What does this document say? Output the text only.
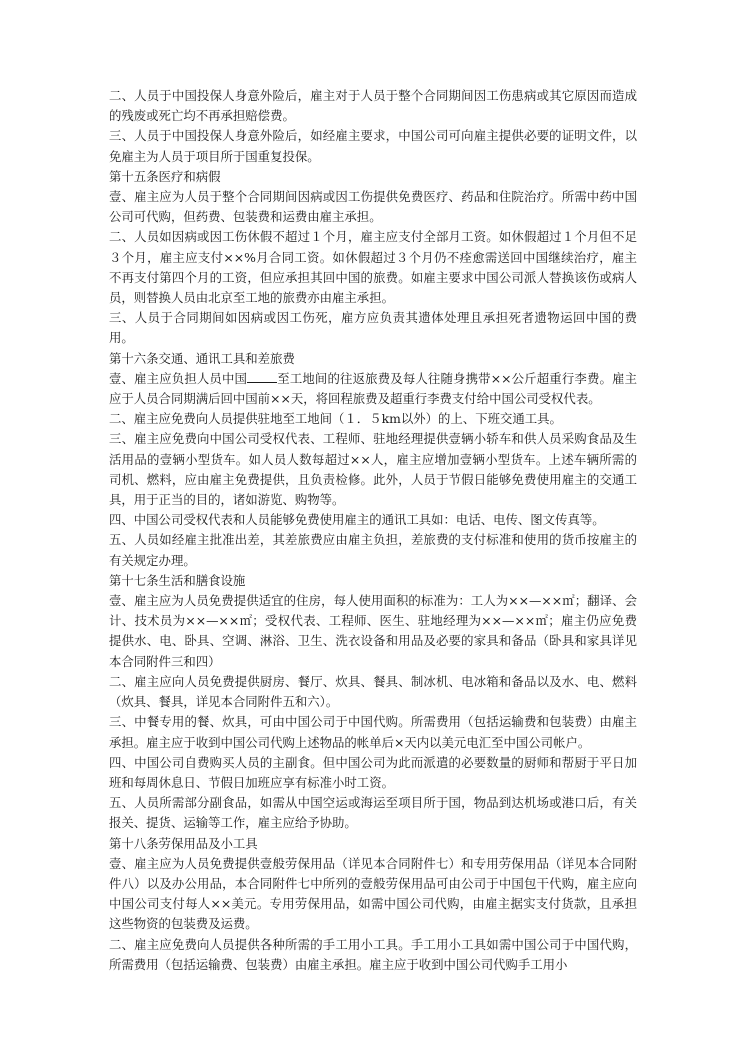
二、人员于中国投保人身意外险后，雇主对于人员于整个合同期间因工伤患病或其它原因而造成的残废或死亡均不再承担赔偿费。

三、人员于中国投保人身意外险后，如经雇主要求，中国公司可向雇主提供必要的证明文件，以免雇主为人员于项目所于国重复投保。

第十五条医疗和病假

壹、雇主应为人员于整个合同期间因病或因工伤提供免费医疗、药品和住院治疗。所需中药中国公司可代购，但药费、包装费和运费由雇主承担。

二、人员如因病或因工伤休假不超过１个月，雇主应支付全部月工资。如休假超过１个月但不足３个月，雇主应支付××%月合同工资。如休假超过３个月仍不痊愈需送回中国继续治疗，雇主不再支付第四个月的工资，但应承担其回中国的旅费。如雇主要求中国公司派人替换该伤或病人员，则替换人员由北京至工地的旅费亦由雇主承担。

三、人员于合同期间如因病或因工伤死，雇方应负责其遗体处理且承担死者遗物运回中国的费用。

第十六条交通、通讯工具和差旅费

壹、雇主应负担人员中国 至工地间的往返旅费及每人往随身携带××公斤超重行李费。雇主应于人员合同期满后回中国前××天，将回程旅费及超重行李费支付给中国公司受权代表。

二、雇主应免费向人员提供驻地至工地间（１．５km以外）的上、下班交通工具。

三、雇主应免费向中国公司受权代表、工程师、驻地经理提供壹辆小轿车和供人员采购食品及生活用品的壹辆小型货车。如人员人数每超过××人，雇主应增加壹辆小型货车。上述车辆所需的司机、燃料，应由雇主免费提供，且负责检修。此外，人员于节假日能够免费使用雇主的交通工具，用于正当的目的，诸如游览、购物等。

四、中国公司受权代表和人员能够免费使用雇主的通讯工具如：电话、电传、图文传真等。

五、人员如经雇主批准出差，其差旅费应由雇主负担，差旅费的支付标准和使用的货币按雇主的有关规定办理。

第十七条生活和膳食设施

壹、雇主应为人员免费提供适宜的住房，每人使用面积的标准为：工人为××—××㎡；翻译、会计、技术员为××—××㎡；受权代表、工程师、医生、驻地经理为××—××㎡；雇主仍应免费提供水、电、卧具、空调、淋浴、卫生、洗衣设备和用品及必要的家具和备品（卧具和家具详见本合同附件三和四）

二、雇主应向人员免费提供厨房、餐厅、炊具、餐具、制冰机、电冰箱和备品以及水、电、燃料（炊具、餐具，详见本合同附件五和六）。

三、中餐专用的餐、炊具，可由中国公司于中国代购。所需费用（包括运输费和包装费）由雇主承担。雇主应于收到中国公司代购上述物品的帐单后×天内以美元电汇至中国公司帐户。

四、中国公司自费购买人员的主副食。但中国公司为此而派遣的必要数量的厨师和帮厨于平日加班和每周休息日、节假日加班应享有标准小时工资。

五、人员所需部分副食品，如需从中国空运或海运至项目所于国，物品到达机场或港口后，有关报关、提货、运输等工作，雇主应给予协助。

第十八条劳保用品及小工具

壹、雇主应为人员免费提供壹般劳保用品（详见本合同附件七）和专用劳保用品（详见本合同附件八）以及办公用品，本合同附件七中所列的壹般劳保用品可由公司于中国包干代购，雇主应向中国公司支付每人××美元。专用劳保用品，如需中国公司代购，由雇主据实支付货款，且承担这些物资的包装费及运费。

二、雇主应免费向人员提供各种所需的手工用小工具。手工用小工具如需中国公司于中国代购，所需费用（包括运输费、包装费）由雇主承担。雇主应于收到中国公司代购手工用小
